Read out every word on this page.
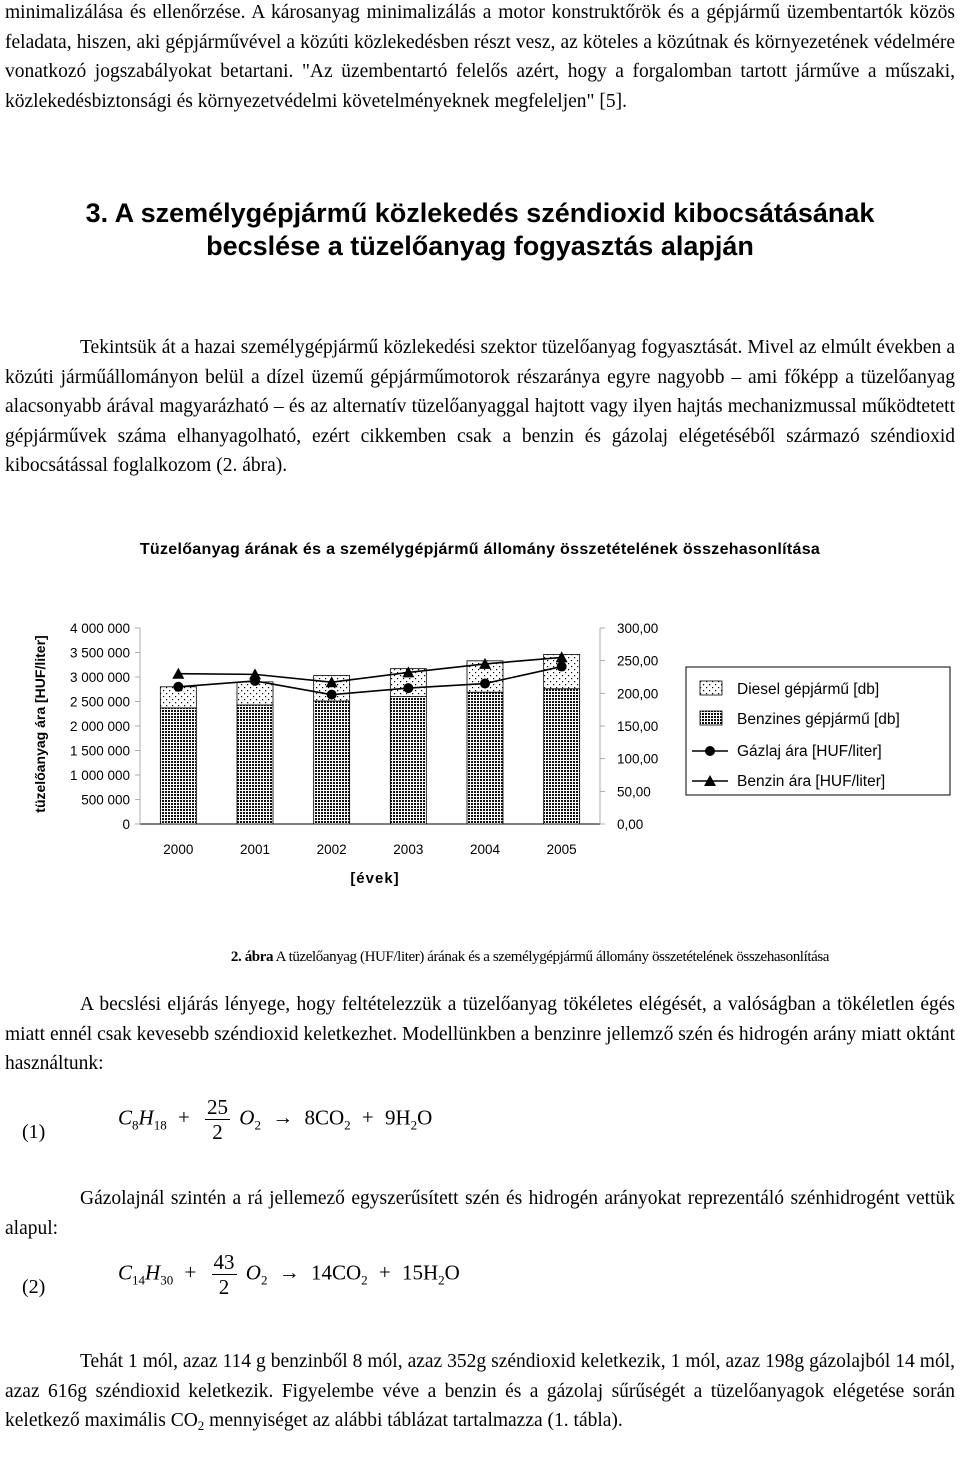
minimalizálása és ellenőrzése. A károsanyag minimalizálás a motor konstruktőrök és a gépjármű üzembentartók közös feladata, hiszen, aki gépjárművével a közúti közlekedésben részt vesz, az köteles a közútnak és környezetének védelmére vonatkozó jogszabályokat betartani. "Az üzembentartó felelős azért, hogy a forgalomban tartott járműve a műszaki, közlekedésbiztonsági és környezetvédelmi követelményeknek megfeleljen" [5].

3. A személygépjármű közlekedés széndioxid kibocsátásának
becslése a tüzelőanyag fogyasztás alapján

Tekintsük át a hazai személygépjármű közlekedési szektor tüzelőanyag fogyasztását. Mivel az elmúlt években a közúti járműállományon belül a dízel üzemű gépjárműmotorok részaránya egyre nagyobb – ami főképp a tüzelőanyag alacsonyabb árával magyarázható – és az alternatív tüzelőanyaggal hajtott vagy ilyen hajtás mechanizmussal működtetett gépjárművek száma elhanyagolható, ezért cikkemben csak a benzin és gázolaj elégetéséből származó széndioxid kibocsátással foglalkozom (2. ábra).

Tüzelőanyag árának és a személygépjármű állomány összetételének összehasonlítása
4 000 000
3 500 000
3 000 000
2 500 000
2 000 000
1 500 000
1 000 000
500 000
0
300,00
250,00
200,00
150,00
100,00
50,00
0,00
2000	2001	2002	2003	2004	2005
Diesel gépjármű [db]
Benzines gépjármű [db]
Gázlaj ára [HUF/liter]
Benzin ára [HUF/liter]
tüzelőanyag ára [HUF/liter]
[évek]
2. ábra A tüzelőanyag (HUF/liter) árának és a személygépjármű állomány összetételének összehasonlítása

A becslési eljárás lényege, hogy feltételezzük a tüzelőanyag tökéletes elégését, a valóságban a tökéletlen égés miatt ennél csak kevesebb széndioxid keletkezhet. Modellünkben a benzinre jellemző szén és hidrogén arány miatt oktánt használtunk:

(1)
$C_8H_{18} + \frac{25}{2} O_2 \to 8CO_2 + 9H_2O$

Gázolajnál szintén a rá jellemező egyszerűsített szén és hidrogén arányokat reprezentáló szénhidrogént vettük alapul:

(2)
$C_{14}H_{30} + \frac{43}{2} O_2 \to 14CO_2 + 15H_2O$

Tehát 1 mól, azaz 114 g benzinből 8 mól, azaz 352g széndioxid keletkezik, 1 mól, azaz 198g gázolajból 14 mól, azaz 616g széndioxid keletkezik. Figyelembe véve a benzin és a gázolaj sűrűségét a tüzelőanyagok elégetése során keletkező maximális $CO_2$ mennyiséget az alábbi táblázat tartalmazza (1. tábla).
